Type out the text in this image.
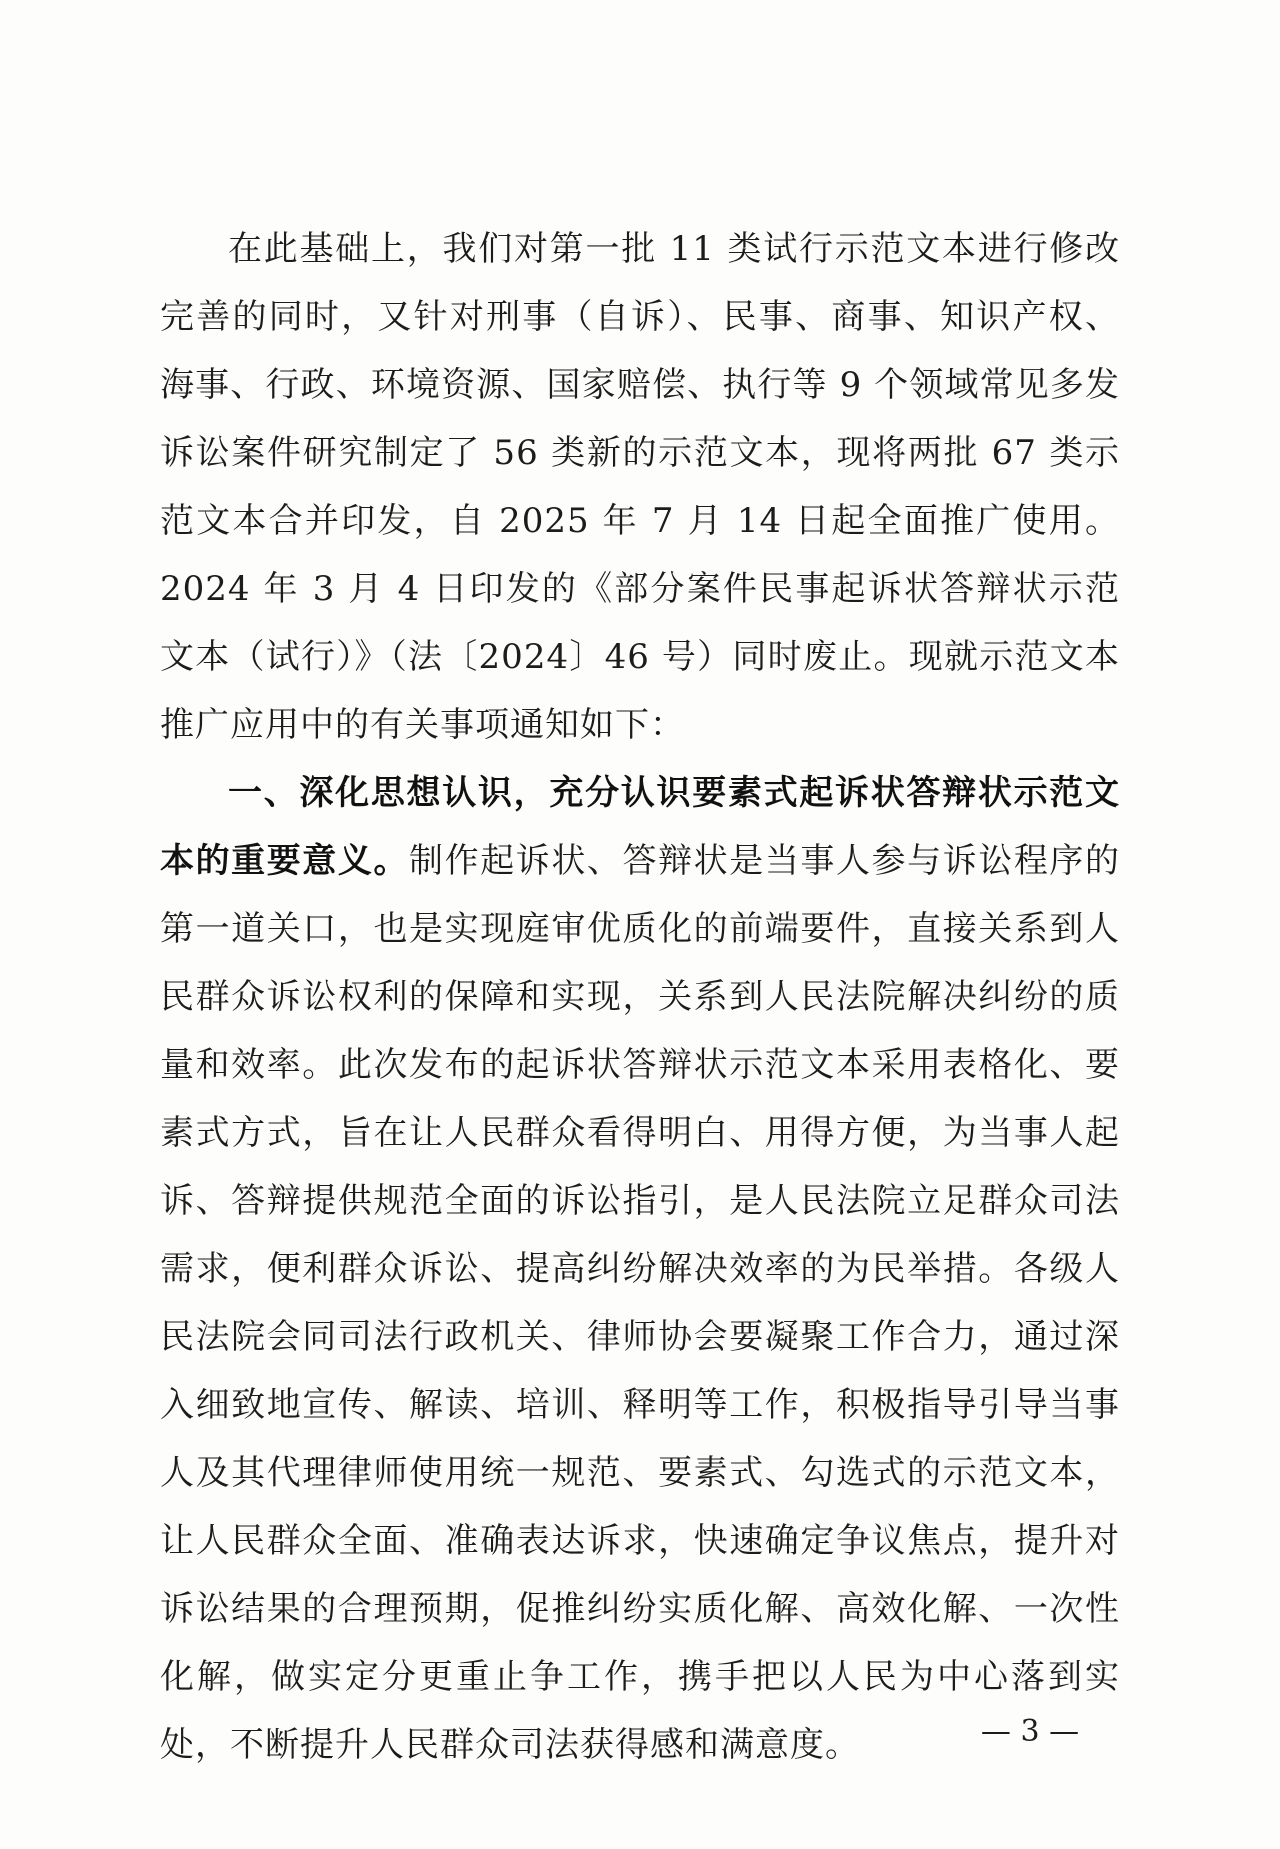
在此基础上，我们对第一批 11 类试行示范文本进行修改完善的同时，又针对刑事（自诉）、民事、商事、知识产权、海事、行政、环境资源、国家赔偿、执行等 9 个领域常见多发诉讼案件研究制定了 56 类新的示范文本，现将两批 67 类示范文本合并印发，自 2025 年 7 月 14 日起全面推广使用。2024 年 3 月 4 日印发的《部分案件民事起诉状答辩状示范文本（试行）》（法〔2024〕46 号）同时废止。现就示范文本推广应用中的有关事项通知如下：

一、深化思想认识，充分认识要素式起诉状答辩状示范文本的重要意义。制作起诉状、答辩状是当事人参与诉讼程序的第一道关口，也是实现庭审优质化的前端要件，直接关系到人民群众诉讼权利的保障和实现，关系到人民法院解决纠纷的质量和效率。此次发布的起诉状答辩状示范文本采用表格化、要素式方式，旨在让人民群众看得明白、用得方便，为当事人起诉、答辩提供规范全面的诉讼指引，是人民法院立足群众司法需求，便利群众诉讼、提高纠纷解决效率的为民举措。各级人民法院会同司法行政机关、律师协会要凝聚工作合力，通过深入细致地宣传、解读、培训、释明等工作，积极指导引导当事人及其代理律师使用统一规范、要素式、勾选式的示范文本，让人民群众全面、准确表达诉求，快速确定争议焦点，提升对诉讼结果的合理预期，促推纠纷实质化解、高效化解、一次性化解，做实定分更重止争工作，携手把以人民为中心落到实处，不断提升人民群众司法获得感和满意度。	— 3 —
